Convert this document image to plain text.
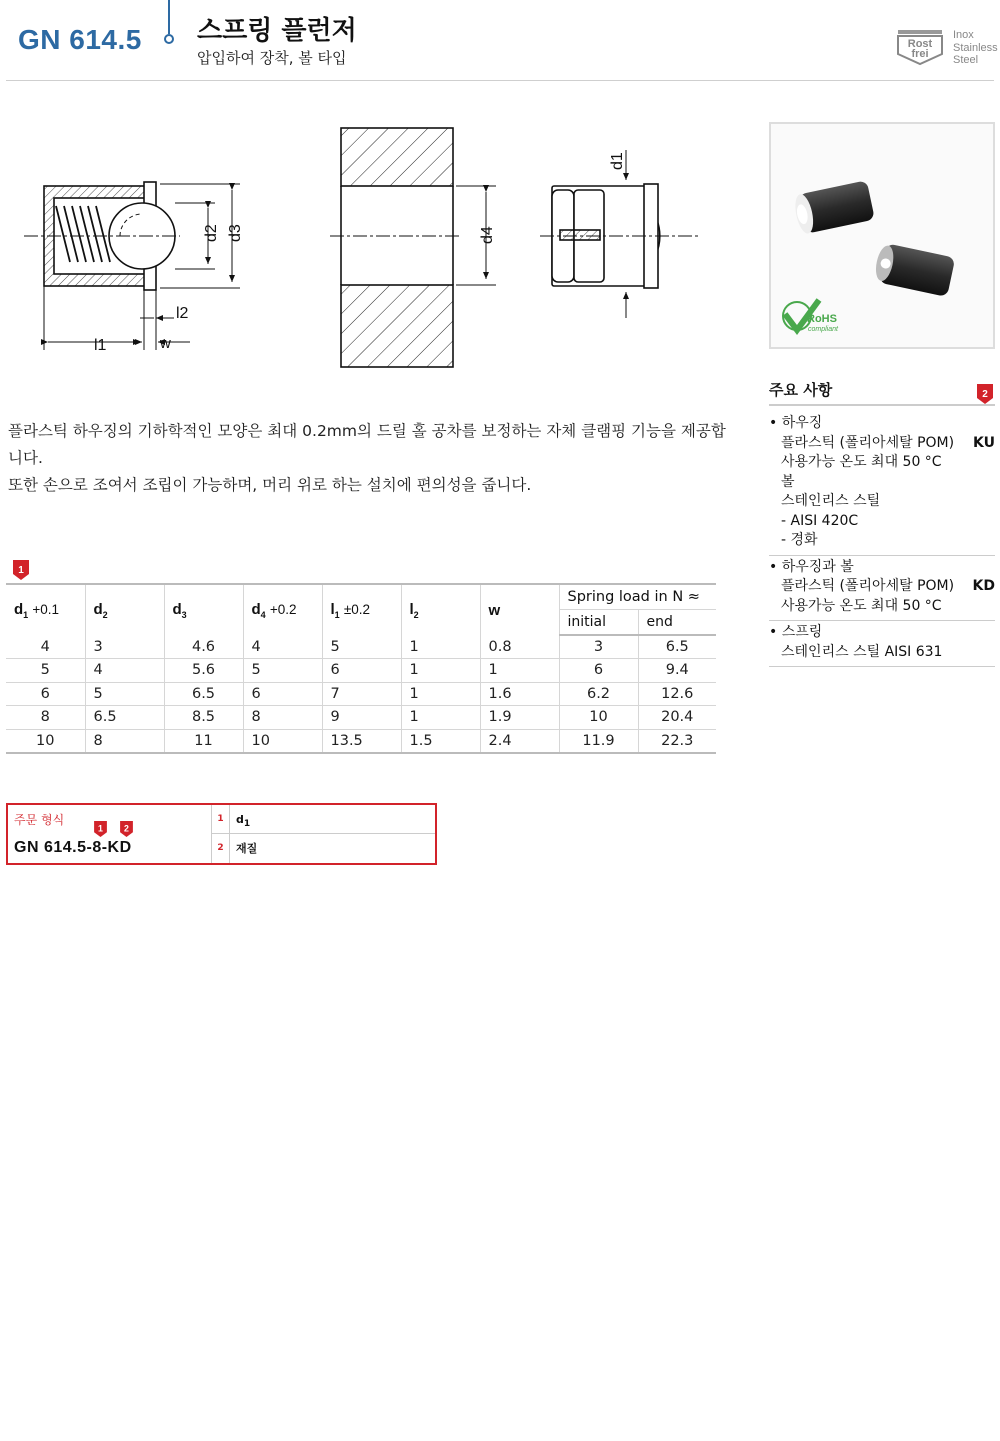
GN 614.5 스프링 플런저
압입하여 장착, 볼 타입
Rost
frei
Inox
Stainless
Steel
d2 d3
l1	w
l2
d4
d1
RoHS
compliant
주요 사항	2
• 하우징
플라스틱 (폴리아세탈 POM) KU
사용가능 온도 최대 50 °C
볼
스테인리스 스틸
- AISI 420C
- 경화
• 하우징과 볼
플라스틱 (폴리아세탈 POM) KD
사용가능 온도 최대 50 °C
• 스프링
스테인리스 스틸 AISI 631
플라스틱 하우징의 기하학적인 모양은 최대 0.2mm의 드릴 홀 공차를 보정하는 자체 클램핑 기능을 제공합니다.
또한 손으로 조여서 조립이 가능하며, 머리 위로 하는 설치에 편의성을 줍니다.
1
$d_1 +0.1$	$d_2$	$d_3$	$d_4 +0.2$	$l_1 \pm 0.2$	$l_2$	w	Spring load in N ≈	
							initial	end
4	3	4.6	4	5	1	0.8	3	6.5
5	4	5.6	5	6	1	1	6	9.4
6	5	6.5	6	7	1	1.6	6.2	12.6
8	6.5	8.5	8	9	1	1.9	10	20.4
10	8	11	10	13.5	1.5	2.4	11.9	22.3
주문 형식
1 2
GN 614.5-8-KD
1	$d_1$
2	재질
